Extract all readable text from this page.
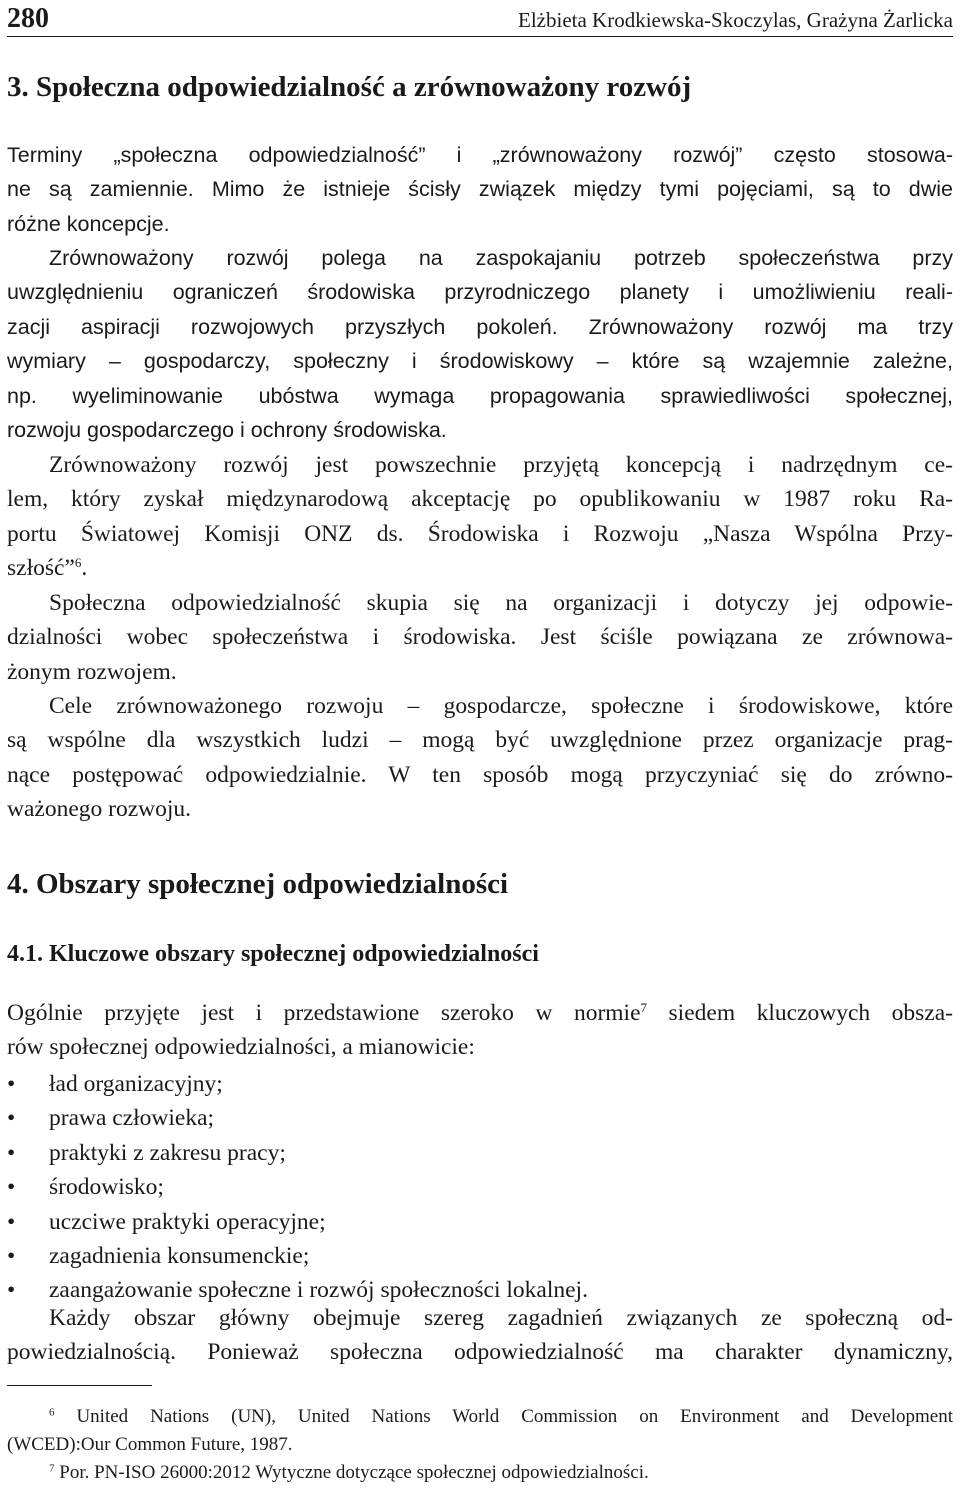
280	Elżbieta Krodkiewska-Skoczylas, Grażyna Żarlicka
3. Społeczna odpowiedzialność a zrównoważony rozwój
Terminy „społeczna odpowiedzialność” i „zrównoważony rozwój” często stosowa-
ne są zamiennie. Mimo że istnieje ścisły związek między tymi pojęciami, są to dwie
różne koncepcje.
Zrównoważony rozwój polega na zaspokajaniu potrzeb społeczeństwa przy
uwzględnieniu ograniczeń środowiska przyrodniczego planety i umożliwieniu reali-
zacji aspiracji rozwojowych przyszłych pokoleń. Zrównoważony rozwój ma trzy
wymiary – gospodarczy, społeczny i środowiskowy – które są wzajemnie zależne,
np. wyeliminowanie ubóstwa wymaga propagowania sprawiedliwości społecznej,
rozwoju gospodarczego i ochrony środowiska.
Zrównoważony rozwój jest powszechnie przyjętą koncepcją i nadrzędnym ce-
lem, który zyskał międzynarodową akceptację po opublikowaniu w 1987 roku Ra-
portu Światowej Komisji ONZ ds. Środowiska i Rozwoju „Nasza Wspólna Przy-
szłość”$^6$.
Społeczna odpowiedzialność skupia się na organizacji i dotyczy jej odpowie-
dzialności wobec społeczeństwa i środowiska. Jest ściśle powiązana ze zrównowa-
żonym rozwojem.
Cele zrównoważonego rozwoju – gospodarcze, społeczne i środowiskowe, które
są wspólne dla wszystkich ludzi – mogą być uwzględnione przez organizacje prag-
nące postępować odpowiedzialnie. W ten sposób mogą przyczyniać się do zrówno-
ważonego rozwoju.
4. Obszary społecznej odpowiedzialności
4.1. Kluczowe obszary społecznej odpowiedzialności
Ogólnie przyjęte jest i przedstawione szeroko w normie$^7$ siedem kluczowych obsza-
rów społecznej odpowiedzialności, a mianowicie:
• ład organizacyjny;
• prawa człowieka;
• praktyki z zakresu pracy;
• środowisko;
• uczciwe praktyki operacyjne;
• zagadnienia konsumenckie;
• zaangażowanie społeczne i rozwój społeczności lokalnej.
Każdy obszar główny obejmuje szereg zagadnień związanych ze społeczną od-
powiedzialnością. Ponieważ społeczna odpowiedzialność ma charakter dynamiczny,
$^6$ United Nations (UN), United Nations World Commission on Environment and Development
(WCED):Our Common Future, 1987.
$^7$ Por. PN-ISO 26000:2012 Wytyczne dotyczące społecznej odpowiedzialności.
